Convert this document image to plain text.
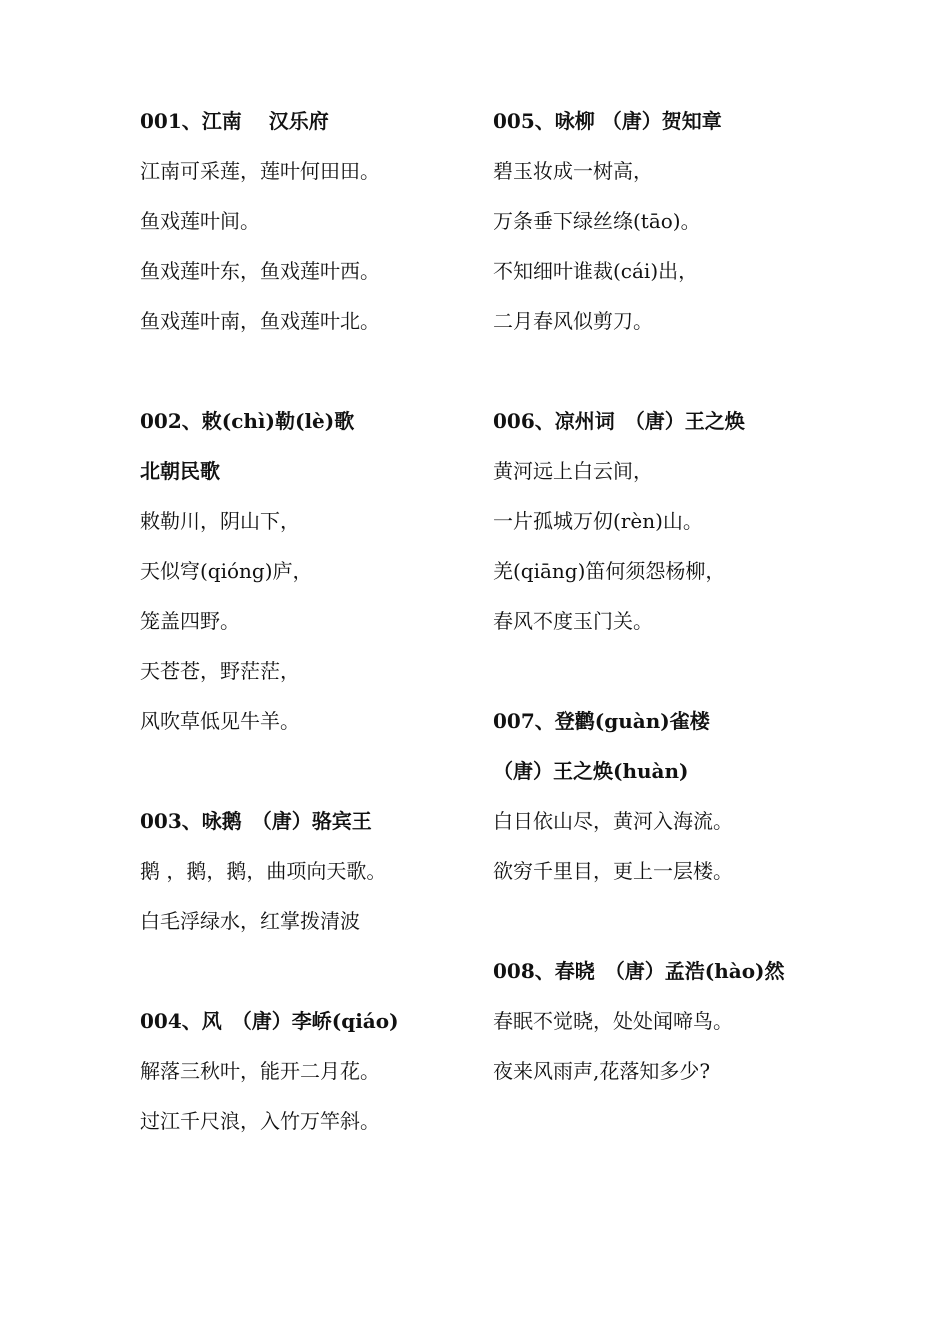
001、江南　 汉乐府
江南可采莲，莲叶何田田。
鱼戏莲叶间。
鱼戏莲叶东，鱼戏莲叶西。
鱼戏莲叶南，鱼戏莲叶北。
002、敕(chì)勒(lè)歌
北朝民歌
敕勒川，阴山下，
天似穹(qióng)庐，
笼盖四野。
天苍苍，野茫茫，
风吹草低见牛羊。
003、咏鹅　（唐）骆宾王
鹅 ，鹅，鹅，曲项向天歌。
白毛浮绿水，红掌拨清波
004、风　（唐）李峤(qiáo)
解落三秋叶，能开二月花。
过江千尺浪，入竹万竿斜。
005、咏柳 （唐）贺知章
碧玉妆成一树高，
万条垂下绿丝绦(tāo)。
不知细叶谁裁(cái)出，
二月春风似剪刀。
006、凉州词　（唐）王之焕
黄河远上白云间，
一片孤城万仞(rèn)山。
羌(qiāng)笛何须怨杨柳，
春风不度玉门关。
007、登鹳(guàn)雀楼
（唐）王之焕(huàn)
白日依山尽，黄河入海流。
欲穷千里目，更上一层楼。
008、春晓　（唐）孟浩(hào)然
春眠不觉晓，处处闻啼鸟。
夜来风雨声,花落知多少?
